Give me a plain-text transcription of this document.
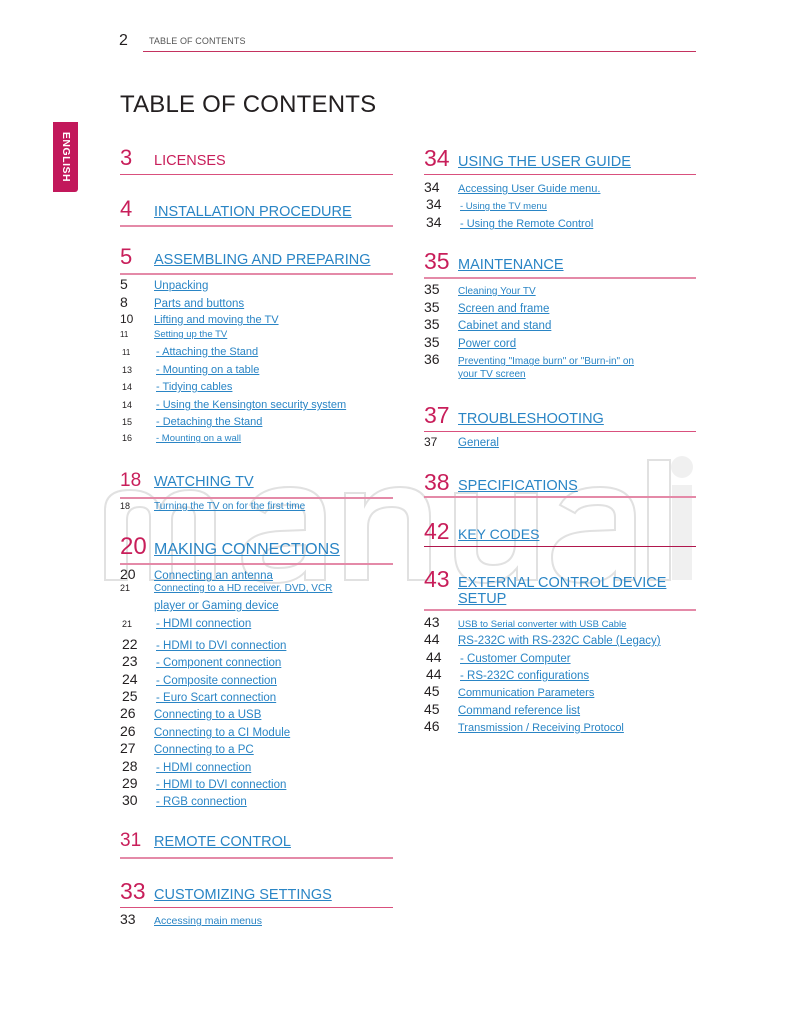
2 TABLE OF CONTENTS
TABLE OF CONTENTS
ENGLISH 3	LICENSES
4	INSTALLATION PROCEDURE
5	ASSEMBLING AND PREPARING
5	Unpacking
8	Parts and buttons
10	Lifting and moving the TV
11	Setting up the TV
11	- Attaching the Stand
13	- Mounting on a table
14	- Tidying cables
14	- Using the Kensington security system
15	- Detaching the Stand
16	- Mounting on a wall
18 WATCHING TV
18	Turning the TV on for the first time
20 MAKING CONNECTIONS
20	Connecting an antenna
21	Connecting to a HD receiver, DVD, VCR
player or Gaming device
21	- HDMI connection
22	- HDMI to DVI connection
23	- Component connection
24	- Composite connection
25	- Euro Scart connection
26	Connecting to a USB
26	Connecting to a CI Module
27	Connecting to a PC
28	- HDMI connection
29	- HDMI to DVI connection
30	- RGB connection
31 REMOTE CONTROL
33 CUSTOMIZING SETTINGS
33	Accessing main menus
34 USING THE USER GUIDE
34	Accessing User Guide menu.
34	- Using the TV menu
34	- Using the Remote Control
35 MAINTENANCE
35	Cleaning Your TV
35	Screen and frame
35	Cabinet and stand
35	Power cord
36	Preventing "Image burn" or "Burn-in" on
your TV screen
37 TROUBLESHOOTING
37	General
38 SPECIFICATIONS
42 KEY CODES
43 EXTERNAL CONTROL DEVICE
SETUP
43	USB to Serial converter with USB Cable
44	RS-232C with RS-232C Cable (Legacy)
44	- Customer Computer
44	- RS-232C configurations
45	Communication Parameters
45	Command reference list
46	Transmission / Receiving Protocol
